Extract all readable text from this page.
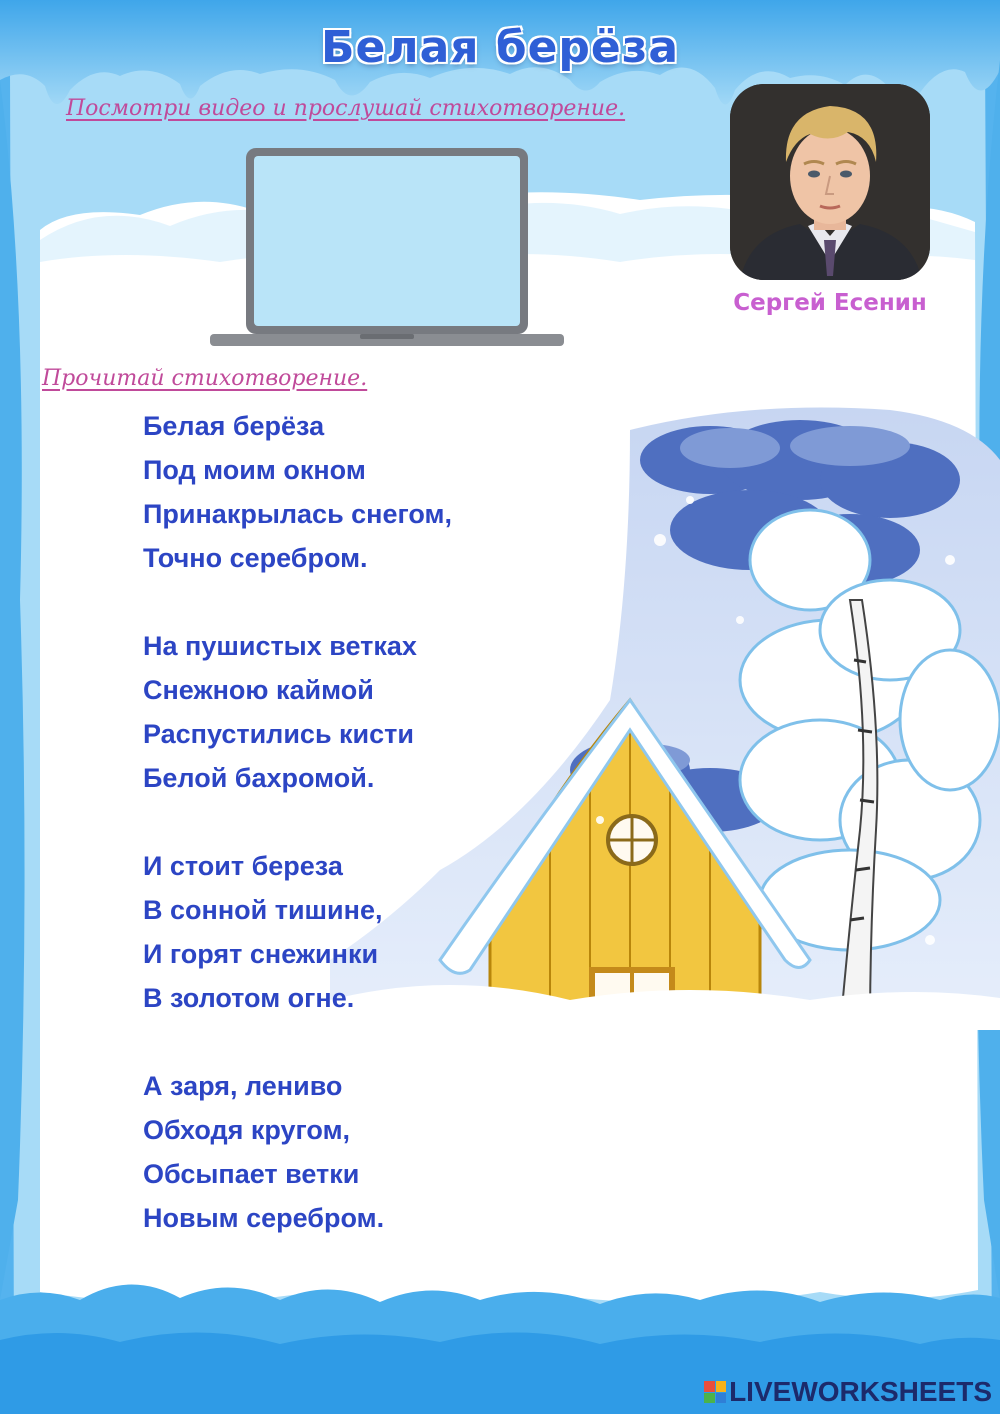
Белая берёза
Посмотри видео и прослушай стихотворение.
Сергей Есенин
Прочитай стихотворение.
Белая берёза
Под моим окном
Принакрылась снегом,
Точно серебром.
На пушистых ветках
Снежною каймой
Распустились кисти
Белой бахромой.
И стоит береза
В сонной тишине,
И горят снежинки
В золотом огне.
А заря, лениво
Обходя кругом,
Обсыпает ветки
Новым серебром.
LIVEWORKSHEETS
